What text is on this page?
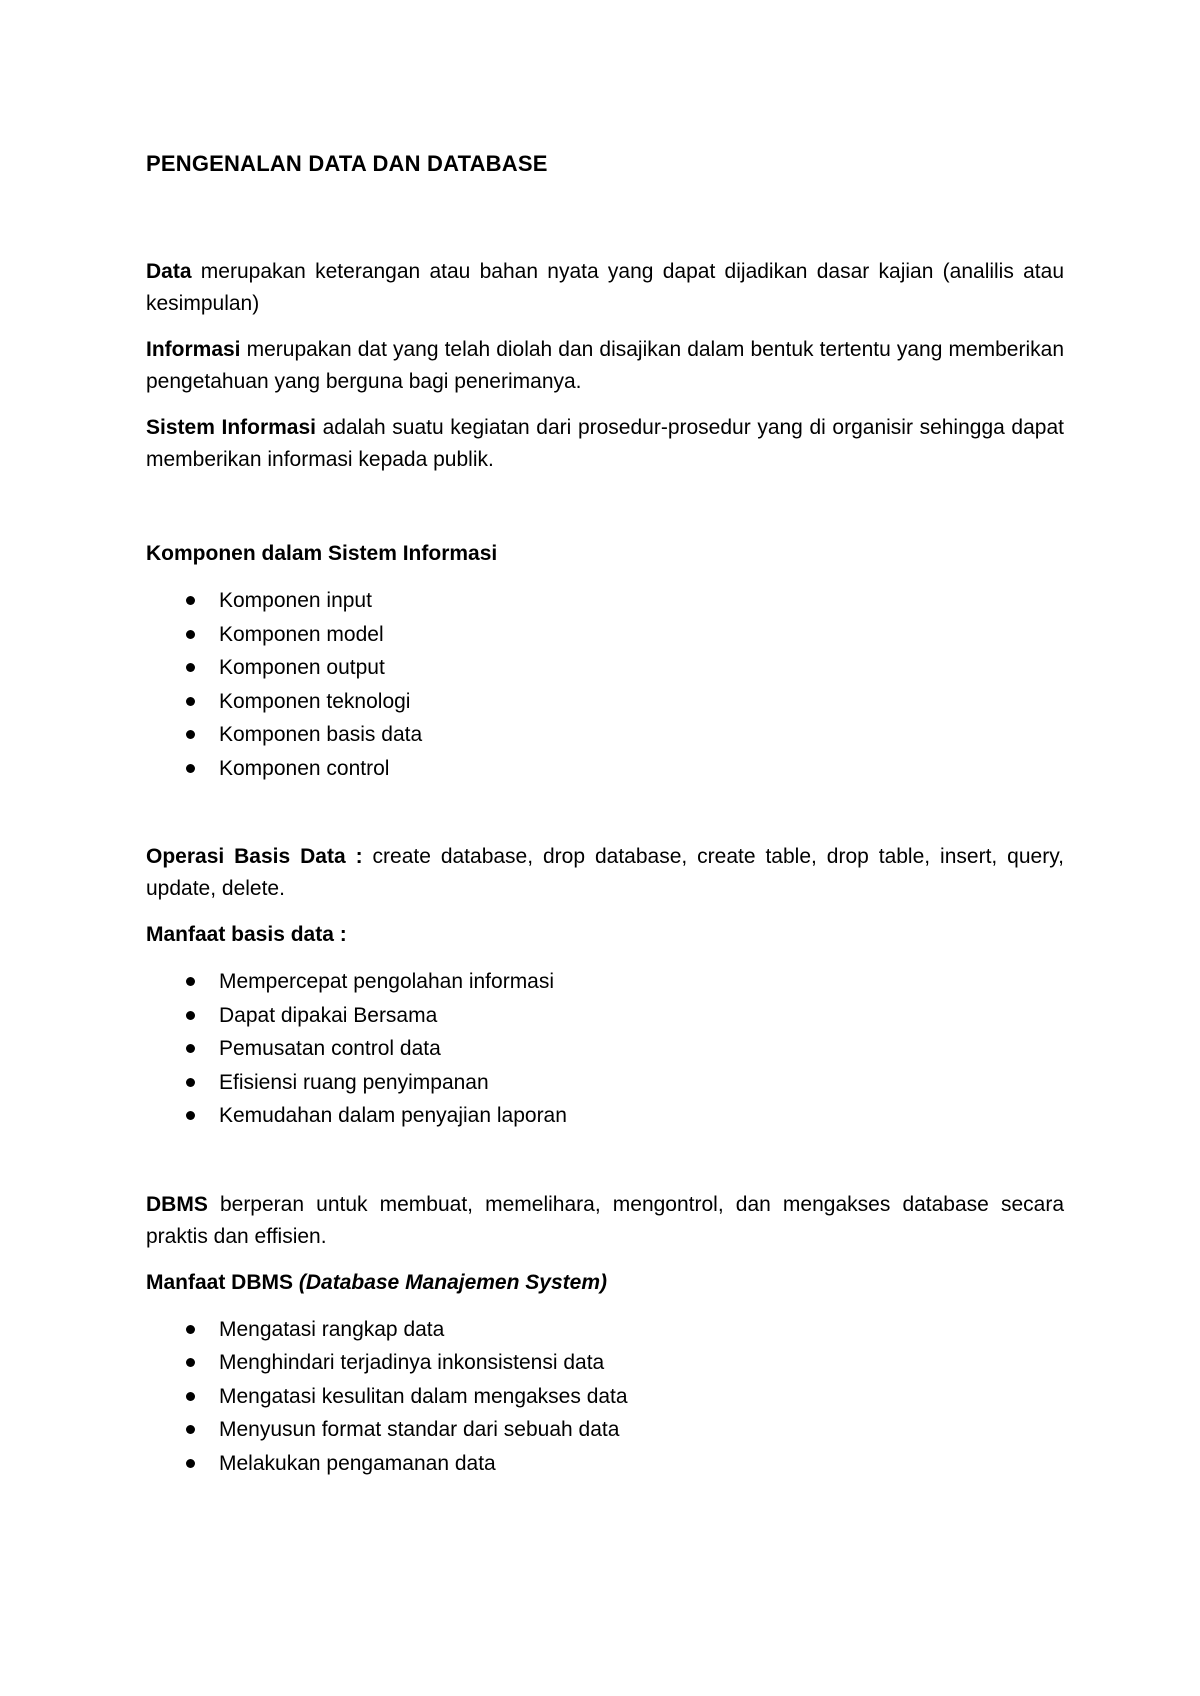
PENGENALAN DATA DAN DATABASE

Data merupakan keterangan atau bahan nyata yang dapat dijadikan dasar kajian (analilis atau kesimpulan)

Informasi merupakan dat yang telah diolah dan disajikan dalam bentuk tertentu yang memberikan pengetahuan yang berguna bagi penerimanya.

Sistem Informasi adalah suatu kegiatan dari prosedur-prosedur yang di organisir sehingga dapat memberikan informasi kepada publik.

Komponen dalam Sistem Informasi

Komponen input
Komponen model
Komponen output
Komponen teknologi
Komponen basis data
Komponen control

Operasi Basis Data : create database, drop database, create table, drop table, insert, query, update, delete.

Manfaat basis data :

Mempercepat pengolahan informasi
Dapat dipakai Bersama
Pemusatan control data
Efisiensi ruang penyimpanan
Kemudahan dalam penyajian laporan

DBMS berperan untuk membuat, memelihara, mengontrol, dan mengakses database secara praktis dan effisien.

Manfaat DBMS (Database Manajemen System)

Mengatasi rangkap data
Menghindari terjadinya inkonsistensi data
Mengatasi kesulitan dalam mengakses data
Menyusun format standar dari sebuah data
Melakukan pengamanan data
